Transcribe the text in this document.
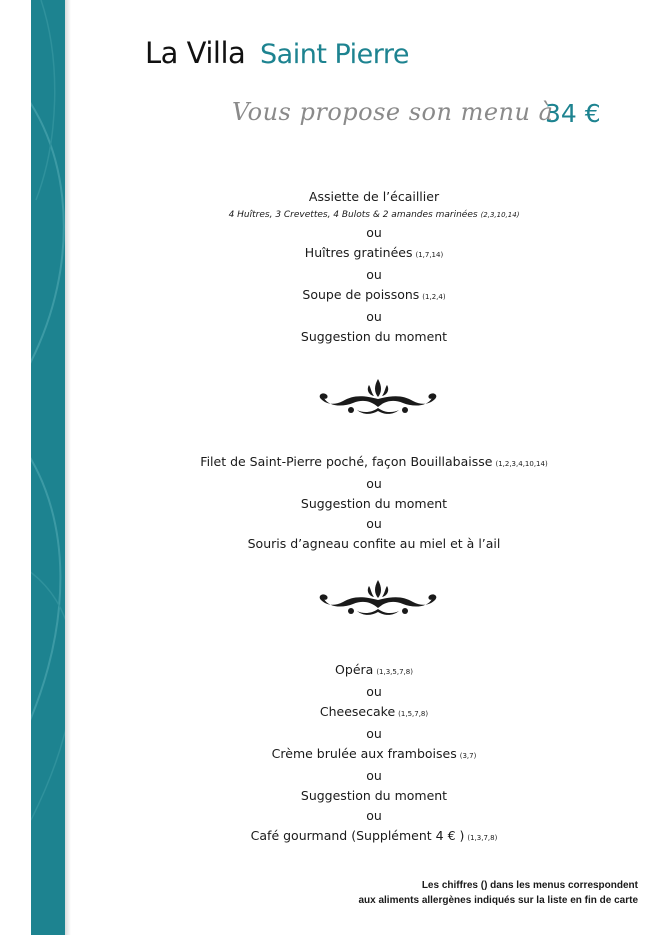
La Villa Saint Pierre
Vous propose son menu à
34 €
Assiette de l’écaillier
4 Huîtres, 3 Crevettes, 4 Bulots & 2 amandes marinées (2,3,10,14)
ou
Huîtres gratinées (1,7,14)
ou
Soupe de poissons (1,2,4)
ou
Suggestion du moment
Filet de Saint-Pierre poché, façon Bouillabaisse (1,2,3,4,10,14)
ou
Suggestion du moment
ou
Souris d’agneau confite au miel et à l’ail
Opéra (1,3,5,7,8)
ou
Cheesecake (1,5,7,8)
ou
Crème brulée aux framboises (3,7)
ou
Suggestion du moment
ou
Café gourmand (Supplément 4 € ) (1,3,7,8)
Les chiffres () dans les menus correspondent
aux aliments allergènes indiqués sur la liste en fin de carte
